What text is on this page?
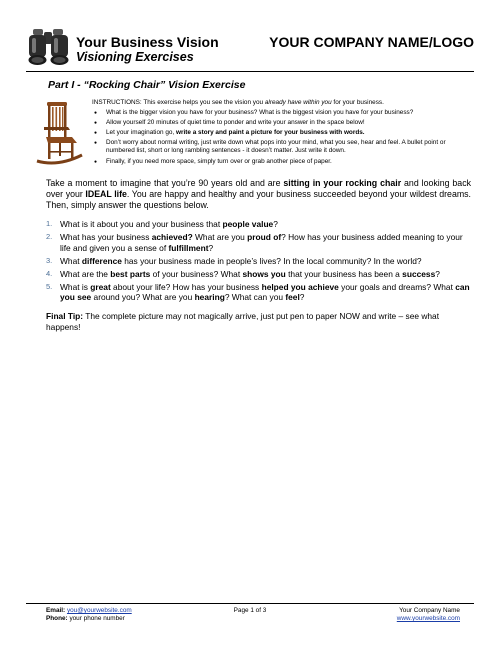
Your Business Vision
Visioning Exercises
YOUR COMPANY NAME/LOGO
Part I - “Rocking Chair” Vision Exercise

INSTRUCTIONS: This exercise helps you see the vision you already have within you for your business.

● What is the bigger vision you have for your business? What is the biggest vision you have for your business?
● Allow yourself 20 minutes of quiet time to ponder and write your answer in the space below!
● Let your imagination go, write a story and paint a picture for your business with words.
● Don’t worry about normal writing, just write down what pops into your mind, what you see, hear and feel. A bullet point or numbered list, short or long rambling sentences - it doesn’t matter. Just write it down.
● Finally, if you need more space, simply turn over or grab another piece of paper.
Take a moment to imagine that you’re 90 years old and are sitting in your rocking chair and looking back over your IDEAL life. You are happy and healthy and your business succeeded beyond your wildest dreams. Then, simply answer the questions below.
1. What is it about you and your business that people value?
2. What has your business achieved? What are you proud of? How has your business added meaning to your life and given you a sense of fulfillment?
3. What difference has your business made in people’s lives? In the local community? In the world?
4. What are the best parts of your business? What shows you that your business has been a success?
5. What is great about your life? How has your business helped you achieve your goals and dreams? What can you see around you? What are you hearing? What can you feel?
Final Tip: The complete picture may not magically arrive, just put pen to paper NOW and write – see what happens!
Email: you@yourwebsite.com
Phone: your phone number
Page 1 of 3	Your Company Name
www.yourwebsite.com
